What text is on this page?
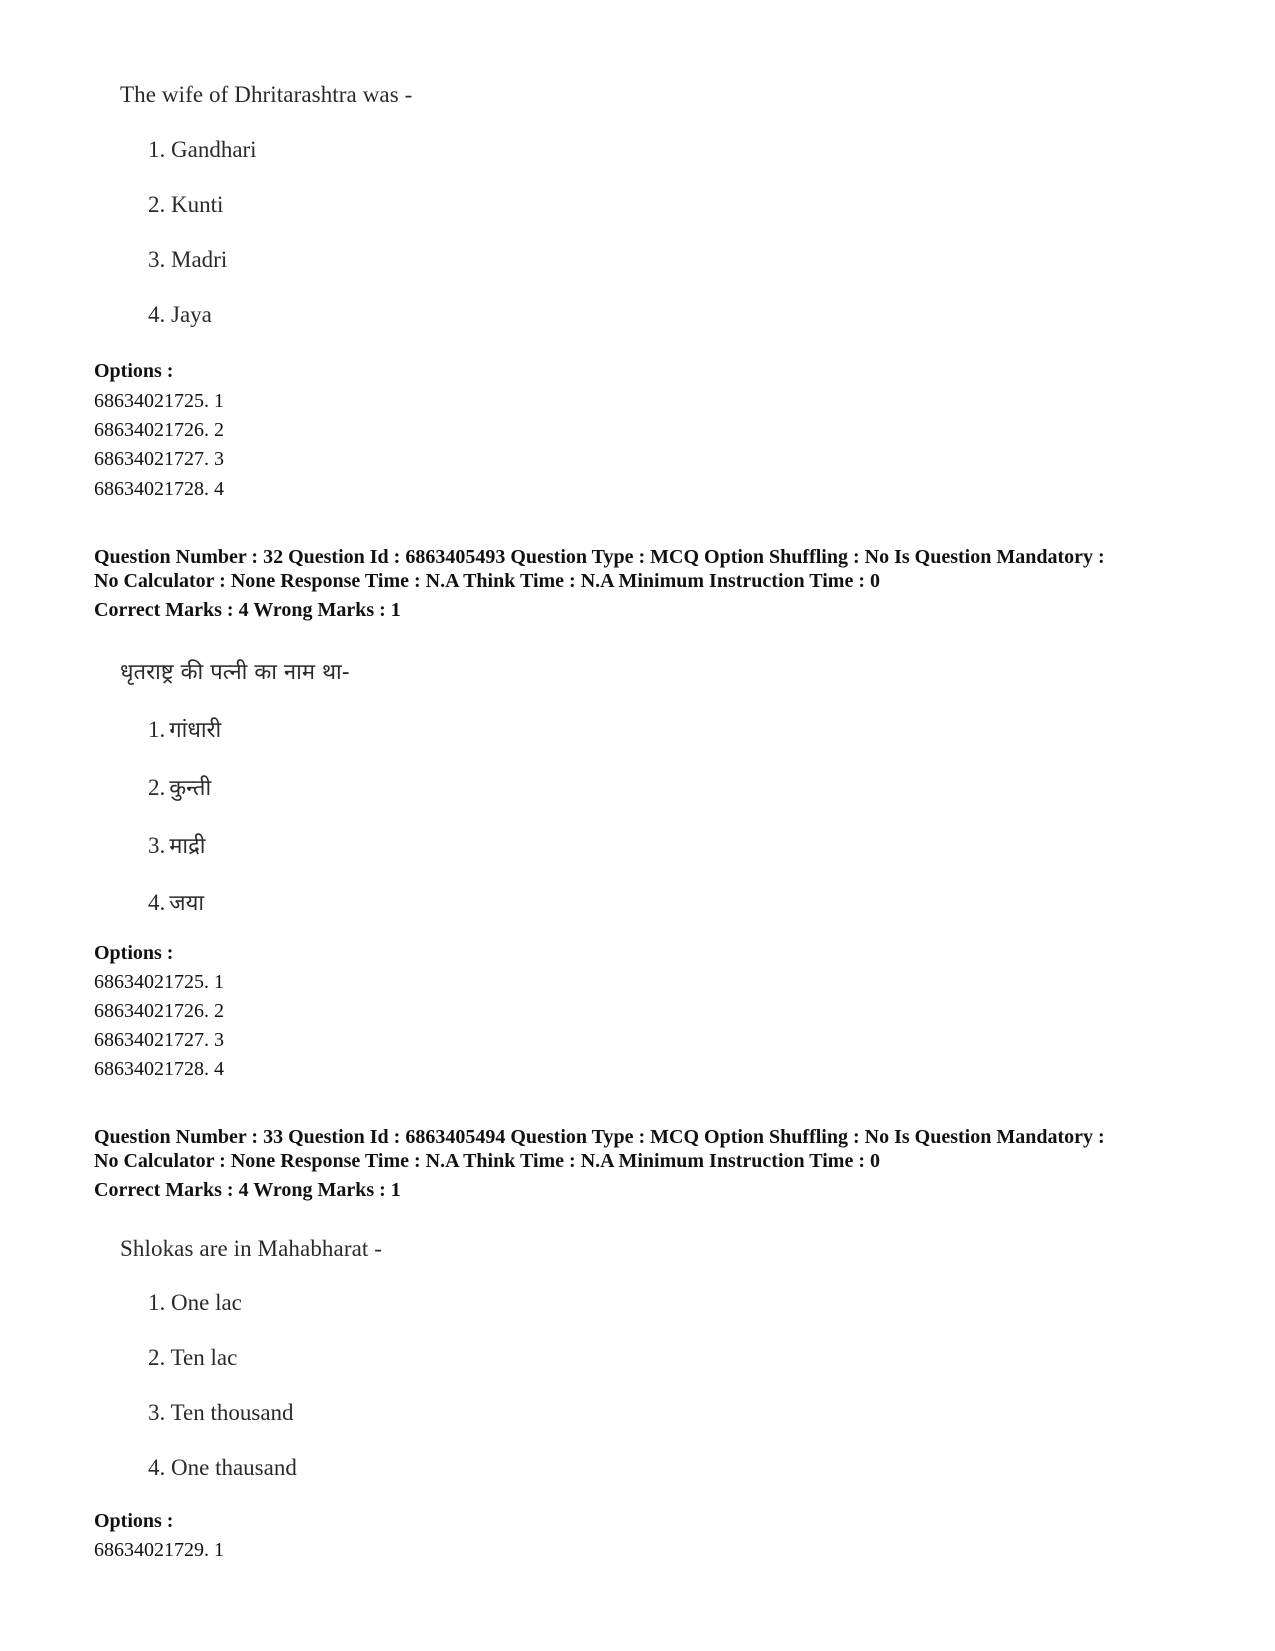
The wife of Dhritarashtra was -
1. Gandhari
2. Kunti
3. Madri
4. Jaya
Options :
68634021725. 1
68634021726. 2
68634021727. 3
68634021728. 4
Question Number : 32 Question Id : 6863405493 Question Type : MCQ Option Shuffling : No Is Question Mandatory :
No Calculator : None Response Time : N.A Think Time : N.A Minimum Instruction Time : 0
Correct Marks : 4 Wrong Marks : 1
धृतराष्ट्र की पत्नी का नाम था-
1. गांधारी
2. कुन्ती
3. माद्री
4. जया
Options :
68634021725. 1
68634021726. 2
68634021727. 3
68634021728. 4
Question Number : 33 Question Id : 6863405494 Question Type : MCQ Option Shuffling : No Is Question Mandatory :
No Calculator : None Response Time : N.A Think Time : N.A Minimum Instruction Time : 0
Correct Marks : 4 Wrong Marks : 1
Shlokas are in Mahabharat -
1. One lac
2. Ten lac
3. Ten thousand
4. One thausand
Options :
68634021729. 1
